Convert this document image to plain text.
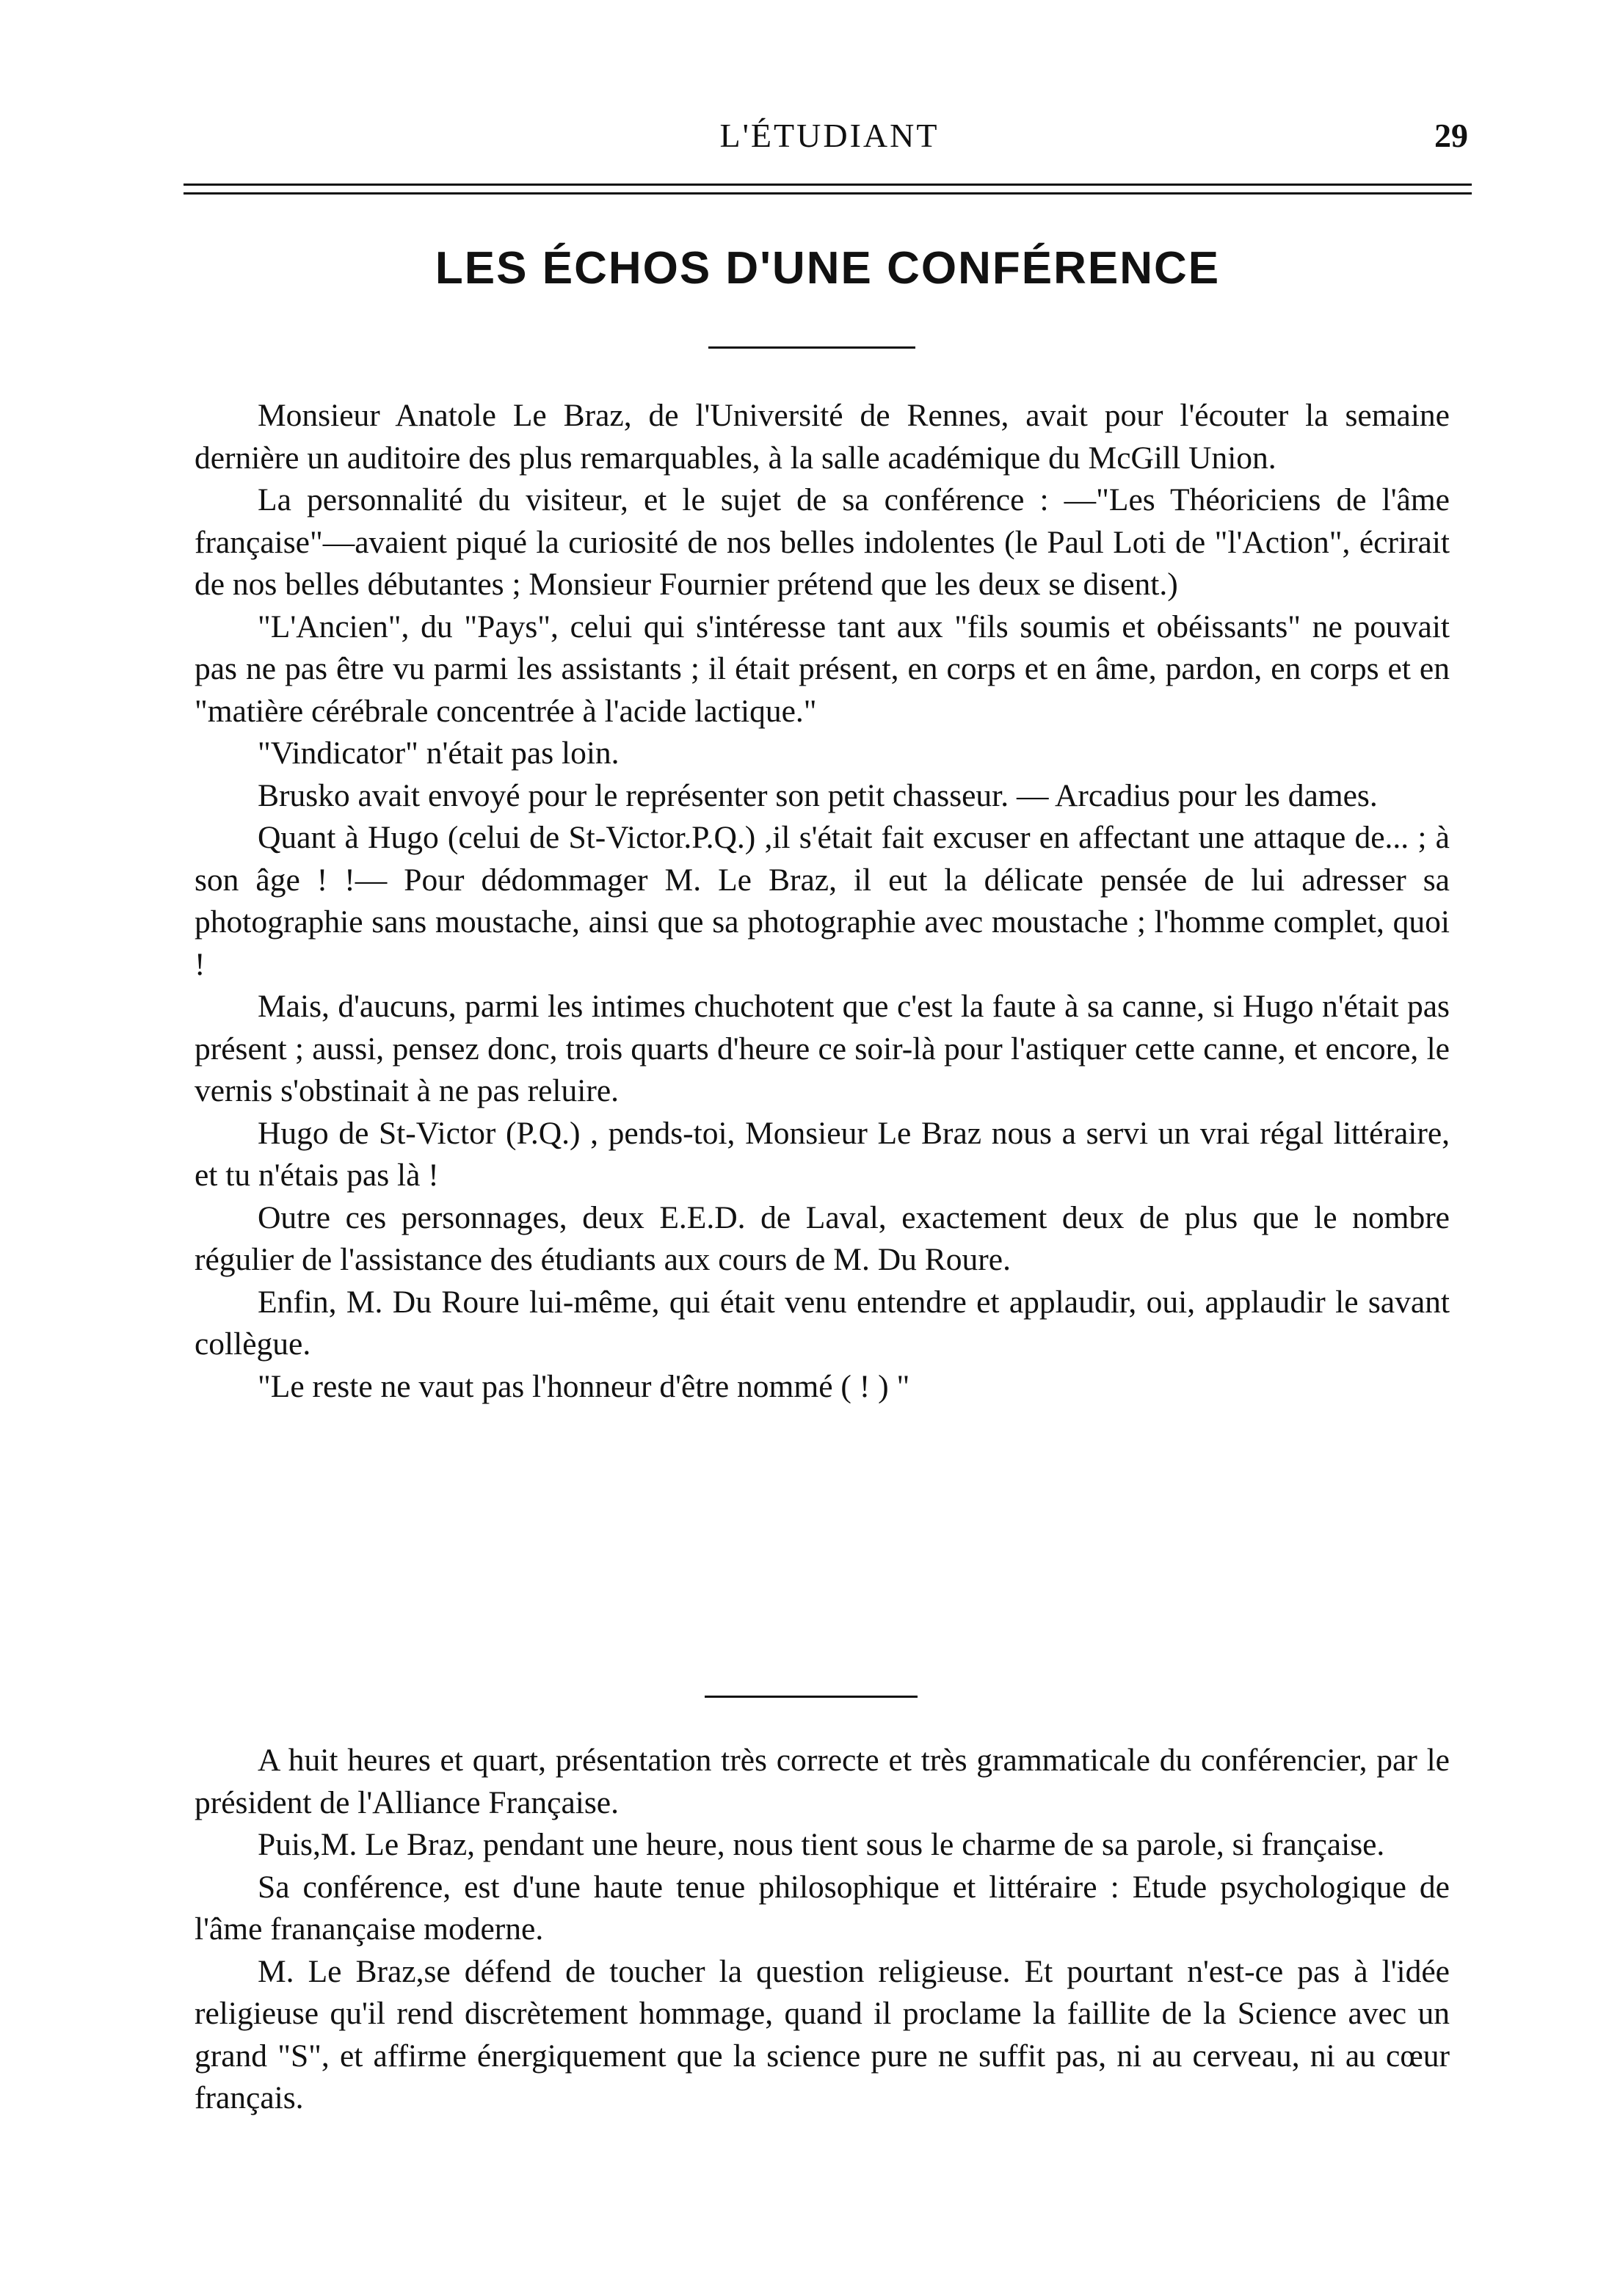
L'ÉTUDIANT	29
LES ÉCHOS D'UNE CONFÉRENCE

Monsieur Anatole Le Braz, de l'Université de Rennes, avait pour l'écouter la semaine dernière un auditoire des plus remarquables, à la salle académique du McGill Union.

La personnalité du visiteur, et le sujet de sa conférence : —"Les Théoriciens de l'âme française"—avaient piqué la curiosité de nos belles indolentes (le Paul Loti de "l'Action", écrirait de nos belles débutantes ; Monsieur Fournier prétend que les deux se disent.)

"L'Ancien", du "Pays", celui qui s'intéresse tant aux "fils soumis et obéissants" ne pouvait pas ne pas être vu parmi les assistants ; il était présent, en corps et en âme, pardon, en corps et en "matière cérébrale concentrée à l'acide lactique."

"Vindicator" n'était pas loin.

Brusko avait envoyé pour le représenter son petit chasseur. — Arcadius pour les dames.

Quant à Hugo (celui de St-Victor.P.Q.) ,il s'était fait excuser en affectant une attaque de... ; à son âge ! !— Pour dédommager M. Le Braz, il eut la délicate pensée de lui adresser sa photographie sans moustache, ainsi que sa photographie avec moustache ; l'homme complet, quoi !

Mais, d'aucuns, parmi les intimes chuchotent que c'est la faute à sa canne, si Hugo n'était pas présent ; aussi, pensez donc, trois quarts d'heure ce soir-là pour l'astiquer cette canne, et encore, le vernis s'obstinait à ne pas reluire.

Hugo de St-Victor (P.Q.) , pends-toi, Monsieur Le Braz nous a servi un vrai régal littéraire, et tu n'étais pas là !

Outre ces personnages, deux E.E.D. de Laval, exactement deux de plus que le nombre régulier de l'assistance des étudiants aux cours de M. Du Roure.

Enfin, M. Du Roure lui-même, qui était venu entendre et applaudir, oui, applaudir le savant collègue.

"Le reste ne vaut pas l'honneur d'être nommé ( ! ) "

A huit heures et quart, présentation très correcte et très grammaticale du conférencier, par le président de l'Alliance Française.

Puis,M. Le Braz, pendant une heure, nous tient sous le charme de sa parole, si française.

Sa conférence, est d'une haute tenue philosophique et littéraire : Etude psychologique de l'âme franançaise moderne.

M. Le Braz,se défend de toucher la question religieuse. Et pourtant n'est-ce pas à l'idée religieuse qu'il rend discrètement hommage, quand il proclame la faillite de la Science avec un grand "S", et affirme énergiquement que la science pure ne suffit pas, ni au cerveau, ni au cœur français.
